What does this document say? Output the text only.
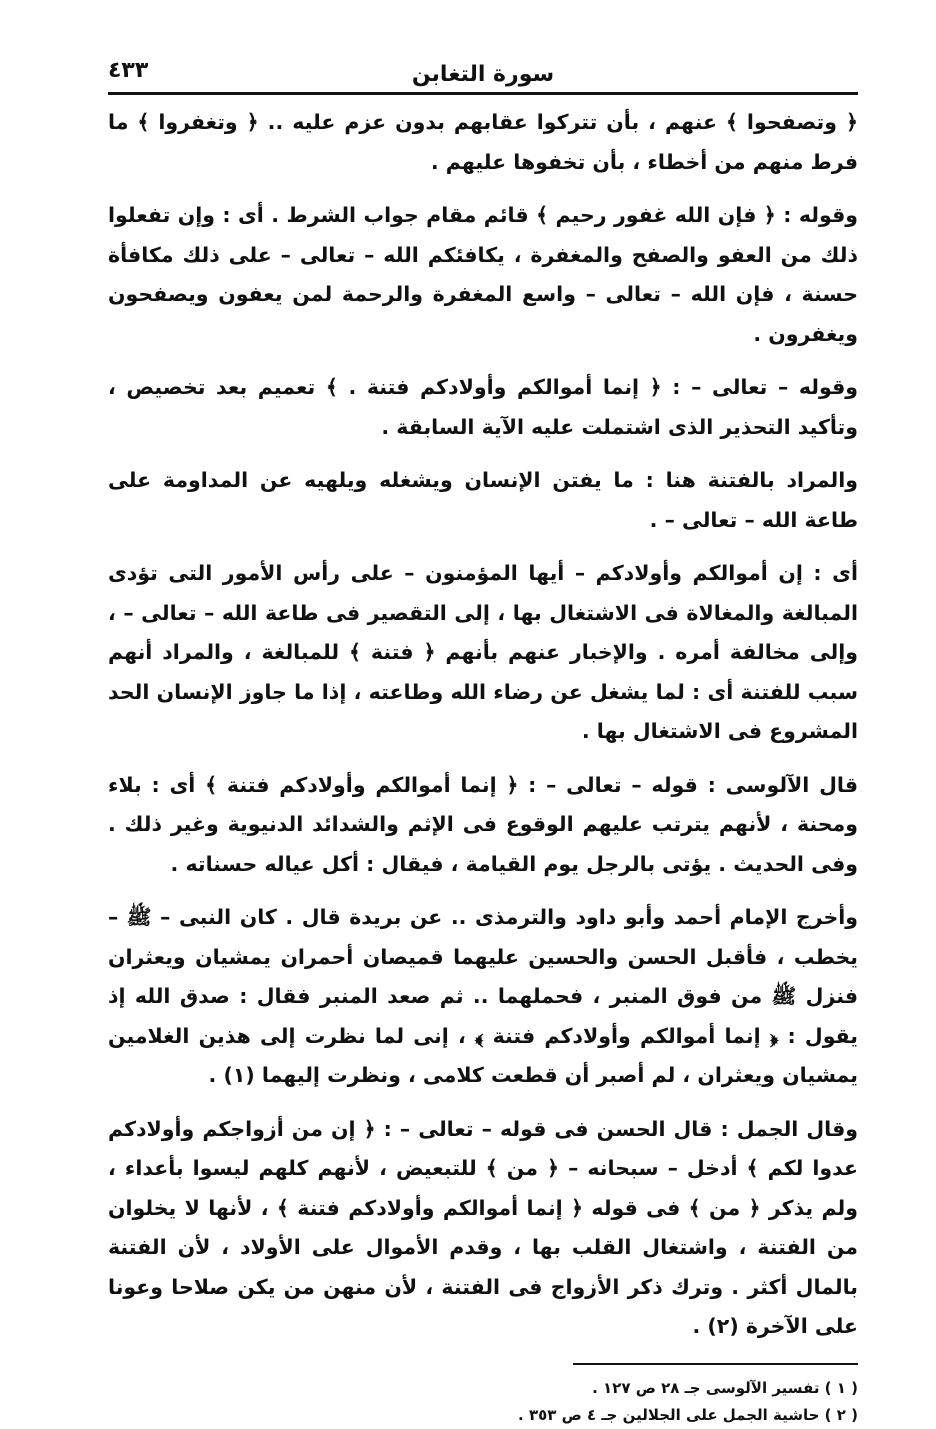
سورة التغابن
٤٣٣

﴿ وتصفحوا ﴾ عنهم ، بأن تتركوا عقابهم بدون عزم عليه .. ﴿ وتغفروا ﴾ ما فرط منهم من أخطاء ، بأن تخفوها عليهم .

وقوله : ﴿ فإن الله غفور رحيم ﴾ قائم مقام جواب الشرط . أى : وإن تفعلوا ذلك من العفو والصفح والمغفرة ، يكافئكم الله – تعالى – على ذلك مكافأة حسنة ، فإن الله – تعالى – واسع المغفرة والرحمة لمن يعفون ويصفحون ويغفرون .

وقوله – تعالى – : ﴿ إنما أموالكم وأولادكم فتنة . ﴾ تعميم بعد تخصيص ، وتأكيد التحذير الذى اشتملت عليه الآية السابقة .

والمراد بالفتنة هنا : ما يفتن الإنسان ويشغله ويلهيه عن المداومة على طاعة الله – تعالى – .

أى : إن أموالكم وأولادكم – أيها المؤمنون – على رأس الأمور التى تؤدى المبالغة والمغالاة فى الاشتغال بها ، إلى التقصير فى طاعة الله – تعالى – ، وإلى مخالفة أمره . والإخبار عنهم بأنهم ﴿ فتنة ﴾ للمبالغة ، والمراد أنهم سبب للفتنة أى : لما يشغل عن رضاء الله وطاعته ، إذا ما جاوز الإنسان الحد المشروع فى الاشتغال بها .

قال الآلوسى : قوله – تعالى – : ﴿ إنما أموالكم وأولادكم فتنة ﴾ أى : بلاء ومحنة ، لأنهم يترتب عليهم الوقوع فى الإثم والشدائد الدنيوية وغير ذلك . وفى الحديث . يؤتى بالرجل يوم القيامة ، فيقال : أكل عياله حسناته .

وأخرج الإمام أحمد وأبو داود والترمذى .. عن بريدة قال . كان النبى – ﷺ – يخطب ، فأقبل الحسن والحسين عليهما قميصان أحمران يمشيان ويعثران فنزل ﷺ من فوق المنبر ، فحملهما .. ثم صعد المنبر فقال : صدق الله إذ يقول : ﴿ إنما أموالكم وأولادكم فتنة ﴾ ، إنى لما نظرت إلى هذين الغلامين يمشيان ويعثران ، لم أصبر أن قطعت كلامى ، ونظرت إليهما (١) .

وقال الجمل : قال الحسن فى قوله – تعالى – : ﴿ إن من أزواجكم وأولادكم عدوا لكم ﴾ أدخل – سبحانه – ﴿ من ﴾ للتبعيض ، لأنهم كلهم ليسوا بأعداء ، ولم يذكر ﴿ من ﴾ فى قوله ﴿ إنما أموالكم وأولادكم فتنة ﴾ ، لأنها لا يخلوان من الفتنة ، واشتغال القلب بها ، وقدم الأموال على الأولاد ، لأن الفتنة بالمال أكثر . وترك ذكر الأزواج فى الفتنة ، لأن منهن من يكن صلاحا وعونا على الآخرة (٢) .

( ١ ) تفسير الآلوسى جـ ٢٨ ص ١٢٧ .
( ٢ ) حاشية الجمل على الجلالين جـ ٤ ص ٣٥٣ .
